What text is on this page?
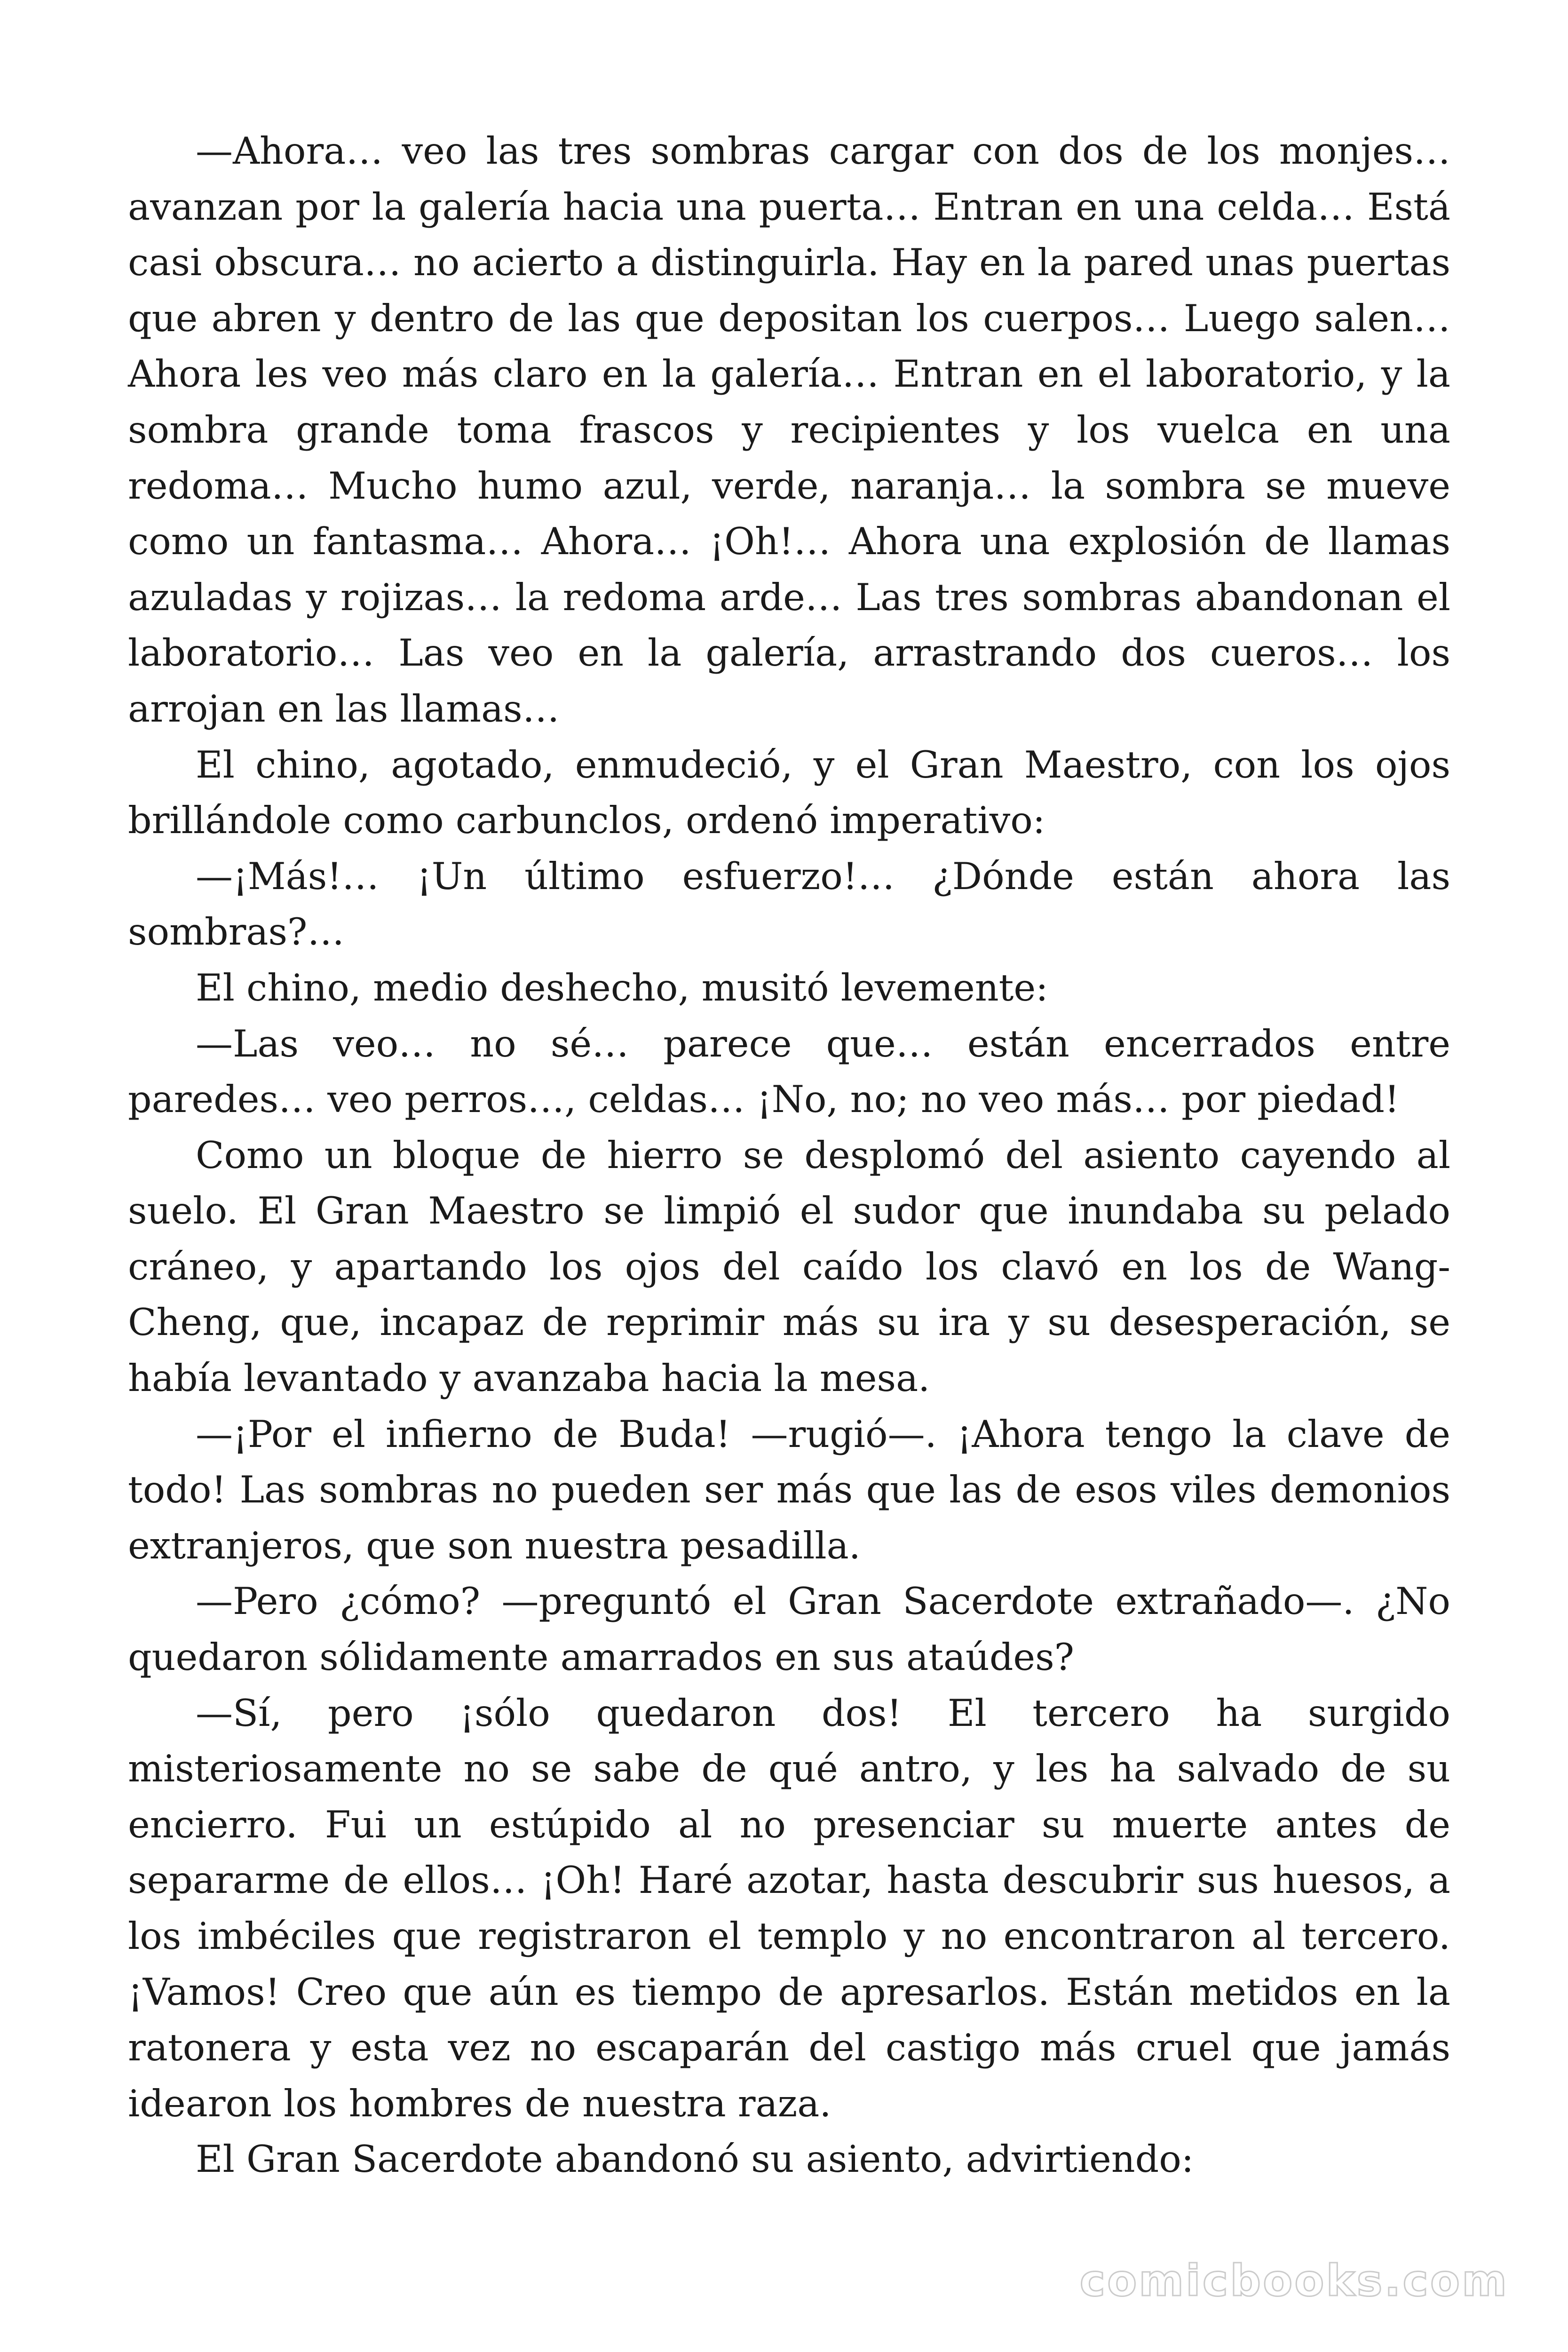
—Ahora… veo las tres sombras cargar con dos de los monjes… avanzan por la galería hacia una puerta… Entran en una celda… Está casi obscura… no acierto a distinguirla. Hay en la pared unas puertas que abren y dentro de las que depositan los cuerpos… Luego salen… Ahora les veo más claro en la galería… Entran en el laboratorio, y la sombra grande toma frascos y recipientes y los vuelca en una redoma… Mucho humo azul, verde, naranja… la sombra se mueve como un fantasma… Ahora… ¡Oh!… Ahora una explosión de llamas azuladas y rojizas… la redoma arde… Las tres sombras abandonan el laboratorio… Las veo en la galería, arrastrando dos cueros… los arrojan en las llamas…

El chino, agotado, enmudeció, y el Gran Maestro, con los ojos brillándole como carbunclos, ordenó imperativo:

—¡Más!… ¡Un último esfuerzo!… ¿Dónde están ahora las sombras?…

El chino, medio deshecho, musitó levemente:

—Las veo… no sé… parece que… están encerrados entre paredes… veo perros…, celdas… ¡No, no; no veo más… por piedad!

Como un bloque de hierro se desplomó del asiento cayendo al suelo. El Gran Maestro se limpió el sudor que inundaba su pelado cráneo, y apartando los ojos del caído los clavó en los de Wang-Cheng, que, incapaz de reprimir más su ira y su desesperación, se había levantado y avanzaba hacia la mesa.

—¡Por el infierno de Buda! —rugió—. ¡Ahora tengo la clave de todo! Las sombras no pueden ser más que las de esos viles demonios extranjeros, que son nuestra pesadilla.

—Pero ¿cómo? —preguntó el Gran Sacerdote extrañado—. ¿No quedaron sólidamente amarrados en sus ataúdes?

—Sí, pero ¡sólo quedaron dos! El tercero ha surgido misteriosamente no se sabe de qué antro, y les ha salvado de su encierro. Fui un estúpido al no presenciar su muerte antes de separarme de ellos… ¡Oh! Haré azotar, hasta descubrir sus huesos, a los imbéciles que registraron el templo y no encontraron al tercero. ¡Vamos! Creo que aún es tiempo de apresarlos. Están metidos en la ratonera y esta vez no escaparán del castigo más cruel que jamás idearon los hombres de nuestra raza.

El Gran Sacerdote abandonó su asiento, advirtiendo:

comicbooks.com
